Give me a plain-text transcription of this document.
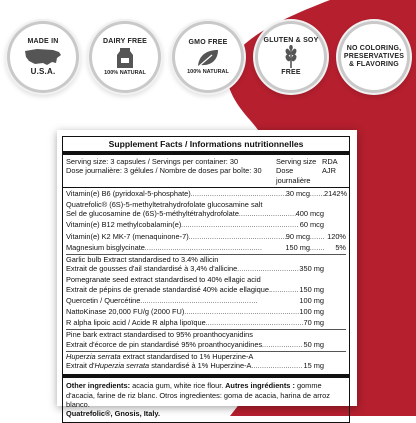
MADE IN
U.S.A.
DAIRY FREE
100% NATURAL
GMO FREE
100% NATURAL
GLUTEN & SOY
FREE
NO COLORING,
PRESERVATIVES
& FLAVORING
Supplement Facts / Informations nutritionnelles
Serving size: 3 capsules / Servings per container: 30
Dose journalière: 3 gélules / Nombre de doses par boîte: 30
Serving size
Dose journalière
RDA
AJR
Vitamin(e) B6 (pyridoxal-5-phosphate) . . .	30 mcg . . . 2142%
Quatrefolic® (6S)-5-methyltetrahydrofolate glucosamine salt
Sel de glucosamine de (6S)-5-méthyltétrahydrofolate . . .	400 mcg
Vitamin(e) B12 methylcobalamin(e) . . .	60 mcg
Vitamin(e) K2 MK-7 (menaquinone-7) . . .	90 mcg . . .	120%
Magnesium bisglycinate . . .	150 mg . . .	5%
Garlic bulb Extract standardised to 3.4% allicin
Extrait de gousses d'ail standardisé à 3,4% d'allicine . . .	350 mg
Pomegranate seed extract standardised to 40% ellagic acid
Extrait de pépins de grenade standardisé 40% acide ellagique. . . .	150 mg
Quercetin / Quercétine . . .	100 mg
NattoKinase 20,000 FU/g (2000 FU) . . .	100 mg
R alpha lipoic acid / Acide R alpha lipoïque . . .	70 mg
Pine bark extract standardised to 95% proanthocyanidins
Extrait d'écorce de pin standardisé 95% proanthocyanidines . . .	50 mg
Huperzia serrata extract standardised to 1% Huperzine-A
Extrait d'Huperzia serrata standardisé à 1% Huperzine-A . . .	15 mg
Other ingredients: acacia gum, white rice flour. Autres ingrédients : gomme d'acacia, farine de riz blanc. Otros ingredientes: goma de acacia, harina de arroz blanco.
Quatrefolic®, Gnosis, Italy.
